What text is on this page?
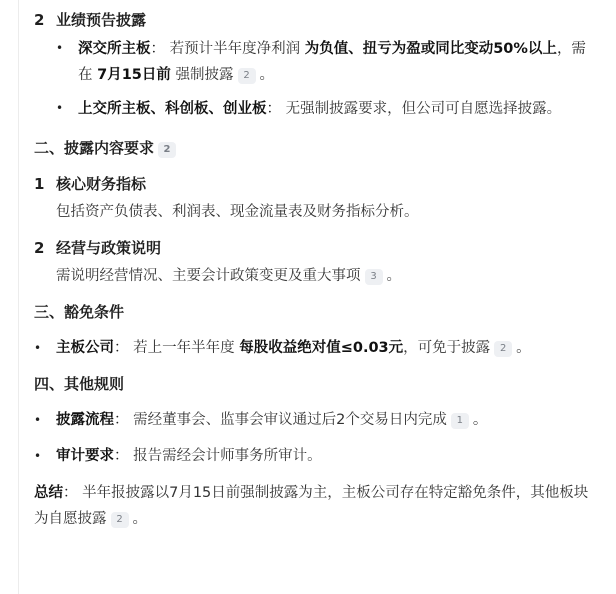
2 业绩预告披露
•	深交所主板： 若预计半年度净利润 为负值、扭亏为盈或同比变动50%以上，需在 7月15日前 强制披露 2 。
•	上交所主板、科创板、创业板： 无强制披露要求，但公司可自愿选择披露。
二、披露内容要求 2
1 核心财务指标
包括资产负债表、利润表、现金流量表及财务指标分析。
2 经营与政策说明
需说明经营情况、主要会计政策变更及重大事项 3 。
三、豁免条件
•	主板公司： 若上一年半年度 每股收益绝对值≤0.03元，可免于披露 2 。
四、其他规则
•	披露流程： 需经董事会、监事会审议通过后2个交易日内完成 1 。
•	审计要求： 报告需经会计师事务所审计。
总结： 半年报披露以7月15日前强制披露为主，主板公司存在特定豁免条件，其他板块为自愿披露 2 。
